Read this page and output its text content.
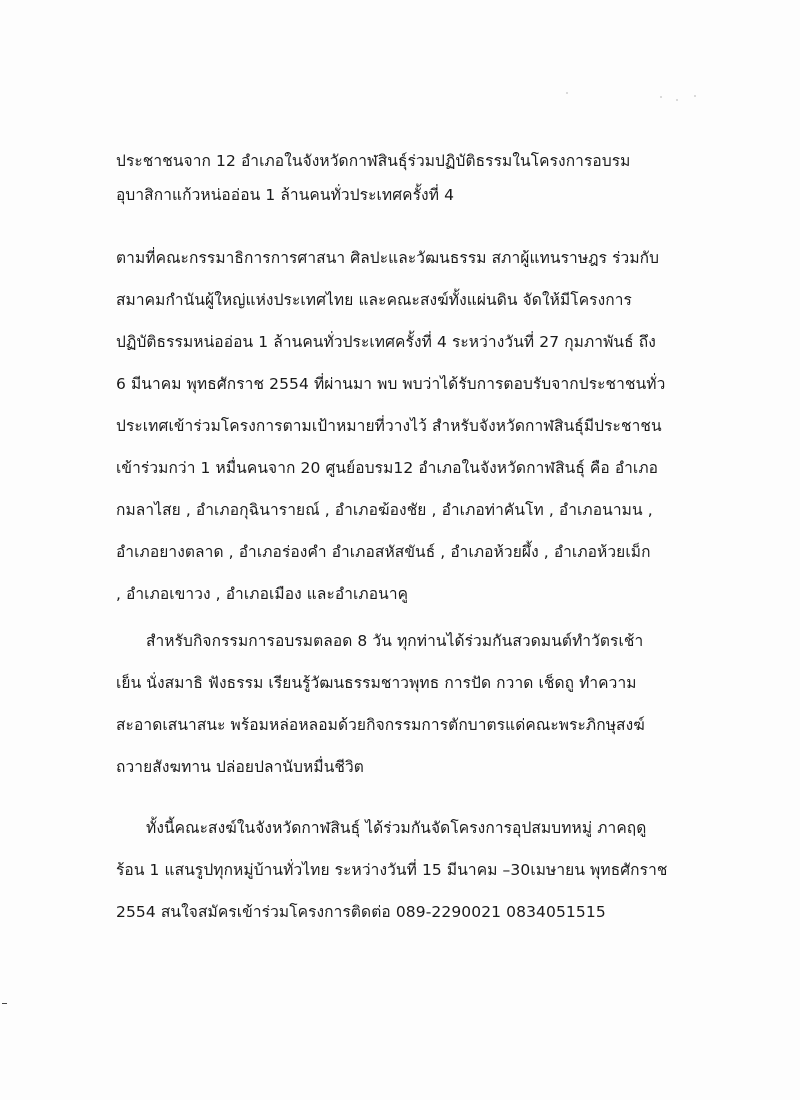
ประชาชนจาก 12 อำเภอในจังหวัดกาฬสินธุ์ร่วมปฏิบัติธรรมในโครงการอบรม
อุบาสิกาแก้วหน่ออ่อน 1 ล้านคนทั่วประเทศครั้งที่ 4
ตามที่คณะกรรมาธิการการศาสนา ศิลปะและวัฒนธรรม สภาผู้แทนราษฎร ร่วมกับ
สมาคมกำนันผู้ใหญ่แห่งประเทศไทย และคณะสงฆ์ทั้งแผ่นดิน จัดให้มีโครงการ
ปฏิบัติธรรมหน่ออ่อน 1 ล้านคนทั่วประเทศครั้งที่ 4 ระหว่างวันที่ 27 กุมภาพันธ์ ถึง
6 มีนาคม พุทธศักราช 2554 ที่ผ่านมา พบ พบว่าได้รับการตอบรับจากประชาชนทั่ว
ประเทศเข้าร่วมโครงการตามเป้าหมายที่วางไว้ สำหรับจังหวัดกาฬสินธุ์มีประชาชน
เข้าร่วมกว่า 1 หมื่นคนจาก 20 ศูนย์อบรม12 อำเภอในจังหวัดกาฬสินธุ์ คือ อำเภอ
กมลาไสย , อำเภอกุฉินารายณ์ , อำเภอฆ้องชัย , อำเภอท่าคันโท , อำเภอนามน ,
อำเภอยางตลาด , อำเภอร่องคำ อำเภอสหัสขันธ์ , อำเภอห้วยผึ้ง , อำเภอห้วยเม็ก
, อำเภอเขาวง , อำเภอเมือง และอำเภอนาคู
สำหรับกิจกรรมการอบรมตลอด 8 วัน ทุกท่านได้ร่วมกันสวดมนต์ทำวัตรเช้า
เย็น นั่งสมาธิ ฟังธรรม เรียนรู้วัฒนธรรมชาวพุทธ การปัด กวาด เช็ดถู ทำความ
สะอาดเสนาสนะ พร้อมหล่อหลอมด้วยกิจกรรมการตักบาตรแด่คณะพระภิกษุสงฆ์
ถวายสังฆทาน ปล่อยปลานับหมื่นชีวิต
ทั้งนี้คณะสงฆ์ในจังหวัดกาฬสินธุ์ ได้ร่วมกันจัดโครงการอุปสมบทหมู่ ภาคฤดู
ร้อน 1 แสนรูปทุกหมู่บ้านทั่วไทย ระหว่างวันที่ 15 มีนาคม –30เมษายน พุทธศักราช
2554 สนใจสมัครเข้าร่วมโครงการติดต่อ 089-2290021 0834051515
